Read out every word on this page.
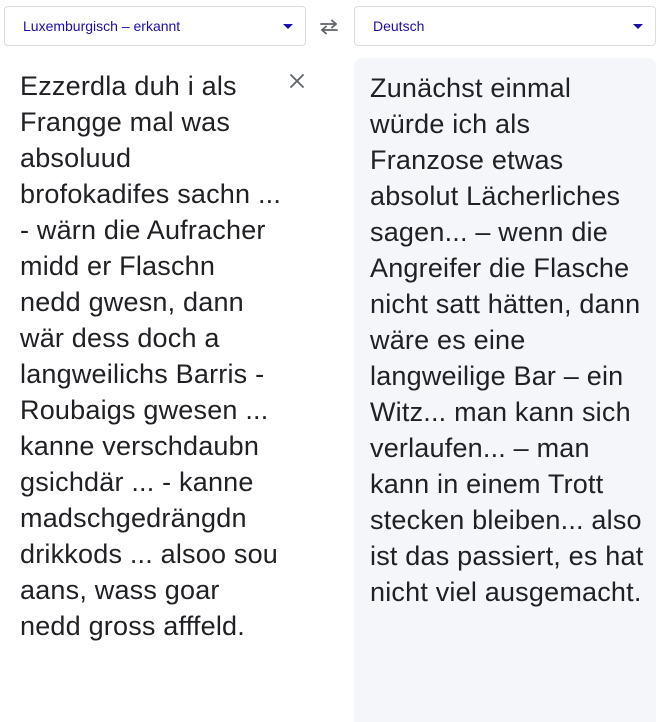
Luxemburgisch – erkannt	Deutsch

Ezzerdla duh i als Frangge mal was absoluud brofokadifes sachn ... - wärn die Aufracher midd er Flaschn nedd gwesn, dann wär dess doch a langweilichs Barris - Roubaigs gwesen ... kanne verschdaubn gsichdär ... - kanne madschgedrängdn drikkods ... alsoo sou aans, wass goar nedd gross afffeld.

Zunächst einmal würde ich als Franzose etwas absolut Lächerliches sagen... – wenn die Angreifer die Flasche nicht satt hätten, dann wäre es eine langweilige Bar – ein Witz... man kann sich verlaufen... – man kann in einem Trott stecken bleiben... also ist das passiert, es hat nicht viel ausgemacht.
